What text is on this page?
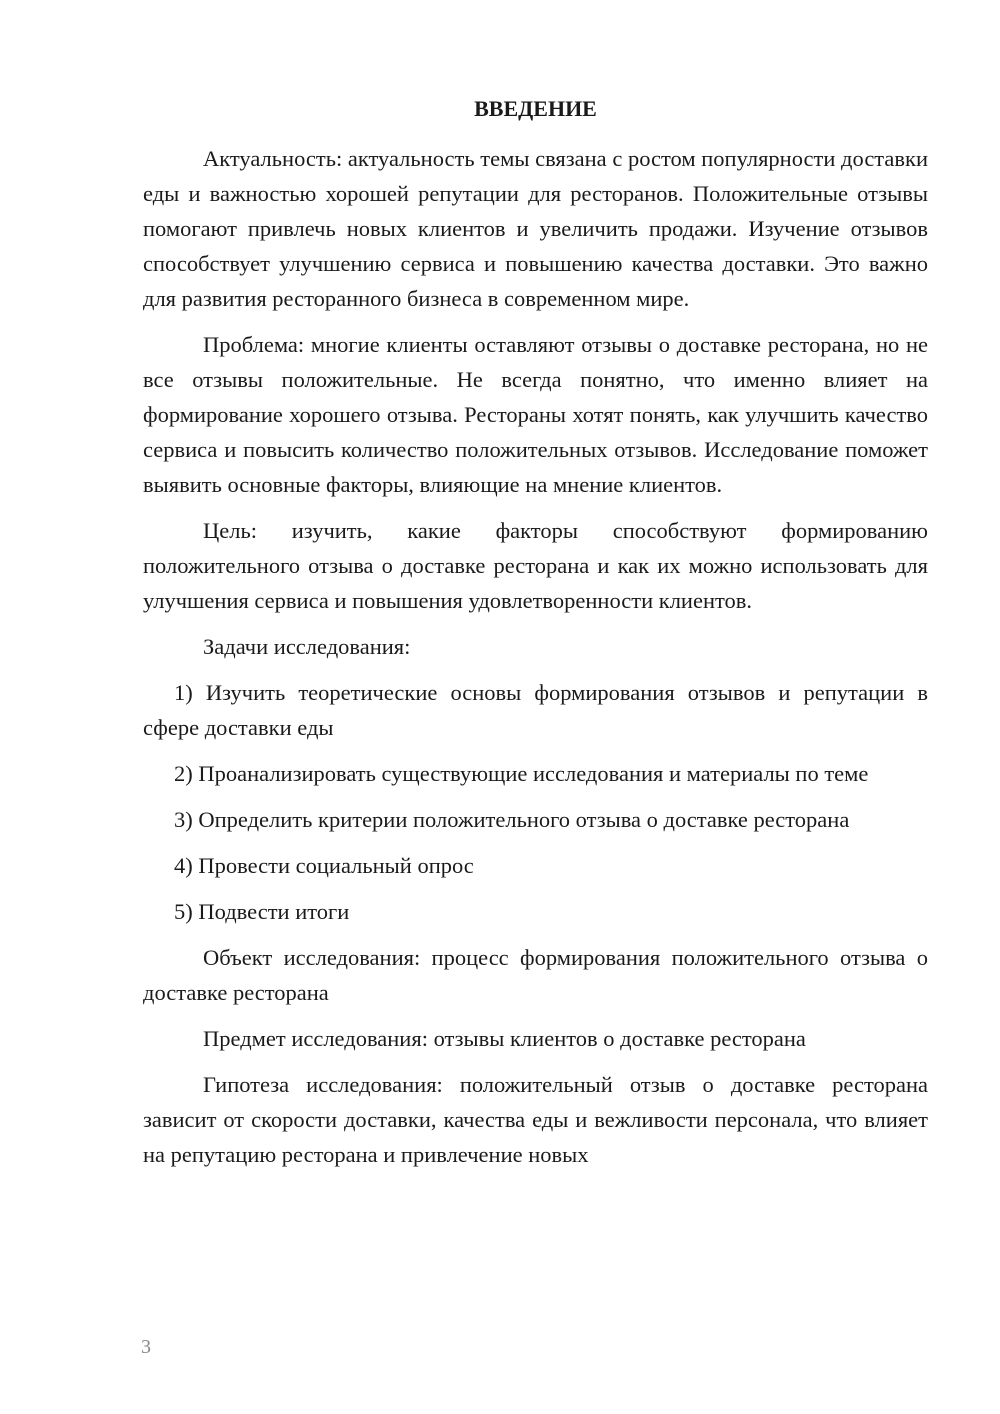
ВВЕДЕНИЕ

Актуальность: актуальность темы связана с ростом популярности доставки еды и важностью хорошей репутации для ресторанов. Положительные отзывы помогают привлечь новых клиентов и увеличить продажи. Изучение отзывов способствует улучшению сервиса и повышению качества доставки. Это важно для развития ресторанного бизнеса в современном мире.

Проблема: многие клиенты оставляют отзывы о доставке ресторана, но не все отзывы положительные. Не всегда понятно, что именно влияет на формирование хорошего отзыва. Рестораны хотят понять, как улучшить качество сервиса и повысить количество положительных отзывов. Исследование поможет выявить основные факторы, влияющие на мнение клиентов.

Цель: изучить, какие факторы способствуют формированию положительного отзыва о доставке ресторана и как их можно использовать для улучшения сервиса и повышения удовлетворенности клиентов.

Задачи исследования:

1) Изучить теоретические основы формирования отзывов и репутации в сфере доставки еды

2) Проанализировать существующие исследования и материалы по теме

3) Определить критерии положительного отзыва о доставке ресторана

4) Провести социальный опрос

5) Подвести итоги

Объект исследования: процесс формирования положительного отзыва о доставке ресторана

Предмет исследования: отзывы клиентов о доставке ресторана

Гипотеза исследования: положительный отзыв о доставке ресторана зависит от скорости доставки, качества еды и вежливости персонала, что влияет на репутацию ресторана и привлечение новых

3
